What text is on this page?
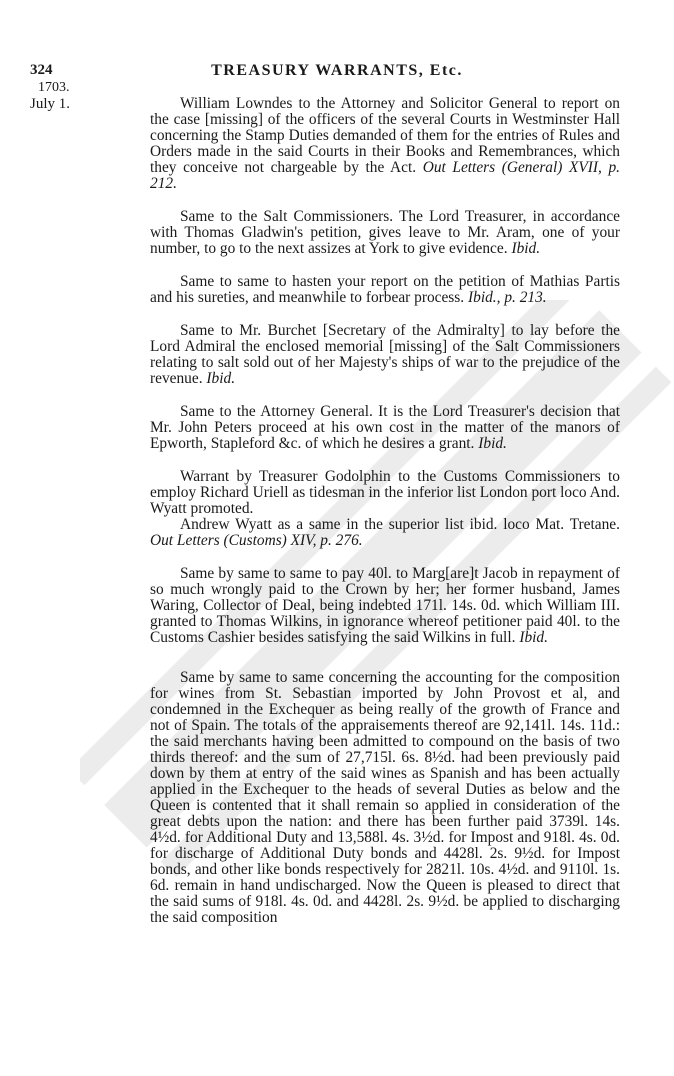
324	TREASURY WARRANTS, Etc.
1703.
July 1.	William Lowndes to the Attorney and Solicitor General to report on the case [missing] of the officers of the several Courts in Westminster Hall concerning the Stamp Duties demanded of them for the entries of Rules and Orders made in the said Courts in their Books and Remembrances, which they conceive not chargeable by the Act. Out Letters (General) XVII, p. 212.

Same to the Salt Commissioners. The Lord Treasurer, in accordance with Thomas Gladwin's petition, gives leave to Mr. Aram, one of your number, to go to the next assizes at York to give evidence. Ibid.

Same to same to hasten your report on the petition of Mathias Partis and his sureties, and meanwhile to forbear process. Ibid., p. 213.

Same to Mr. Burchet [Secretary of the Admiralty] to lay before the Lord Admiral the enclosed memorial [missing] of the Salt Commissioners relating to salt sold out of her Majesty's ships of war to the prejudice of the revenue. Ibid.

Same to the Attorney General. It is the Lord Treasurer's decision that Mr. John Peters proceed at his own cost in the matter of the manors of Epworth, Stapleford &c. of which he desires a grant. Ibid.

Warrant by Treasurer Godolphin to the Customs Commissioners to employ Richard Uriell as tidesman in the inferior list London port loco And. Wyatt promoted.

Andrew Wyatt as a same in the superior list ibid. loco Mat. Tretane. Out Letters (Customs) XIV, p. 276.

Same by same to same to pay 40l. to Marg[are]t Jacob in repayment of so much wrongly paid to the Crown by her; her former husband, James Waring, Collector of Deal, being indebted 171l. 14s. 0d. which William III. granted to Thomas Wilkins, in ignorance whereof petitioner paid 40l. to the Customs Cashier besides satisfying the said Wilkins in full. Ibid.

Same by same to same concerning the accounting for the composition for wines from St. Sebastian imported by John Provost et al, and condemned in the Exchequer as being really of the growth of France and not of Spain. The totals of the appraisements thereof are 92,141l. 14s. 11d.: the said merchants having been admitted to compound on the basis of two thirds thereof: and the sum of 27,715l. 6s. 8½d. had been previously paid down by them at entry of the said wines as Spanish and has been actually applied in the Exchequer to the heads of several Duties as below and the Queen is contented that it shall remain so applied in consideration of the great debts upon the nation: and there has been further paid 3739l. 14s. 4½d. for Additional Duty and 13,588l. 4s. 3½d. for Impost and 918l. 4s. 0d. for discharge of Additional Duty bonds and 4428l. 2s. 9½d. for Impost bonds, and other like bonds respectively for 2821l. 10s. 4½d. and 9110l. 1s. 6d. remain in hand undischarged. Now the Queen is pleased to direct that the said sums of 918l. 4s. 0d. and 4428l. 2s. 9½d. be applied to discharging the said composition
